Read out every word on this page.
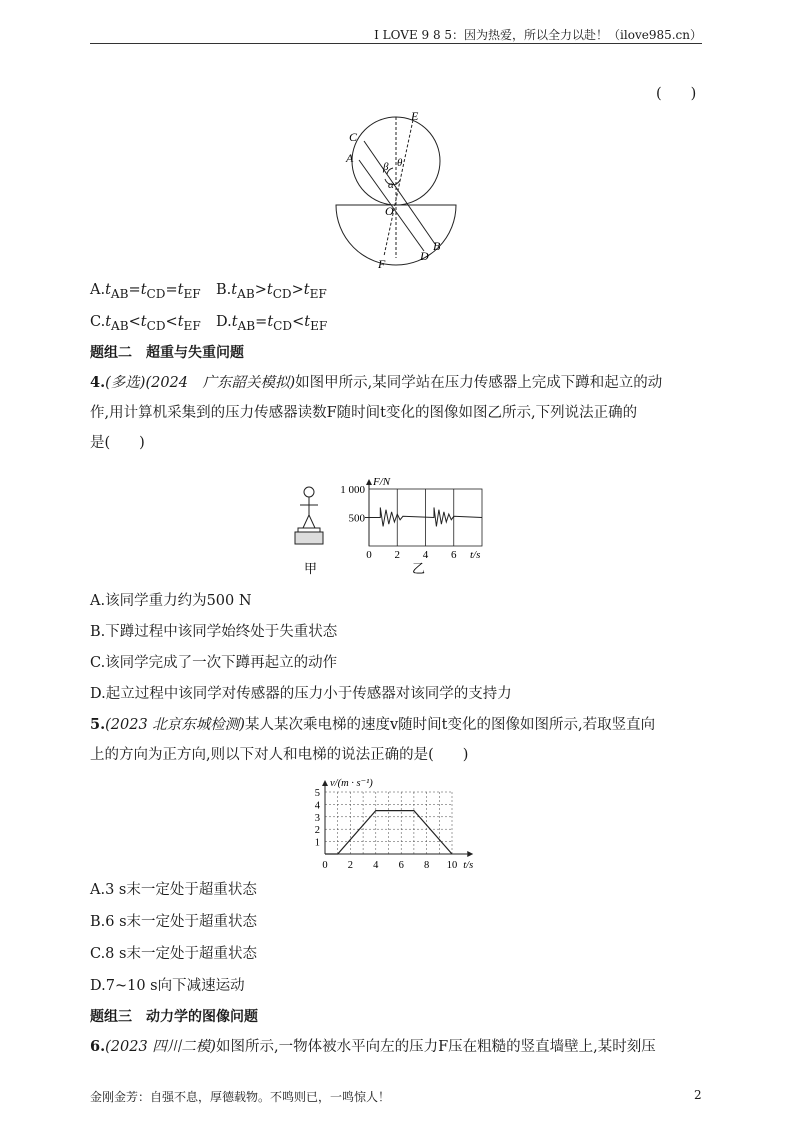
I LOVE 9 8 5：因为热爱，所以全力以赴！（ilove985.cn）
(　　)
C
A
E
β θ
α
O
B
D
F
$A.t_{AB}=t_{CD}=t_{EF}$ $B.t_{AB}>t_{CD}>t_{EF}$
$C.t_{AB}<t_{CD}<t_{EF}$ $D.t_{AB}=t_{CD}<t_{EF}$
题组二　超重与失重问题
4.(多选)(2024　广东韶关模拟)如图甲所示,某同学站在压力传感器上完成下蹲和起立的动
作,用计算机采集到的压力传感器读数F随时间t变化的图像如图乙所示,下列说法正确的
是(　　)
甲
F/N
1 000
500
0 2 4 6 t/s
乙
A.该同学重力约为500 N
B.下蹲过程中该同学始终处于失重状态
C.该同学完成了一次下蹲再起立的动作
D.起立过程中该同学对传感器的压力小于传感器对该同学的支持力
5.(2023 北京东城检测)某人某次乘电梯的速度v随时间t变化的图像如图所示,若取竖直向
上的方向为正方向,则以下对人和电梯的说法正确的是(　　)
v/(m · s⁻¹)
1
2
3
4
5
0 2 4 6 8 10 t/s
A.3 s末一定处于超重状态
B.6 s末一定处于超重状态
C.8 s末一定处于超重状态
D.7~10 s向下减速运动
题组三　动力学的图像问题
6.(2023 四川二模)如图所示,一物体被水平向左的压力F压在粗糙的竖直墙壁上,某时刻压
金刚金芳：自强不息，厚德载物。不鸣则已，一鸣惊人！	2
